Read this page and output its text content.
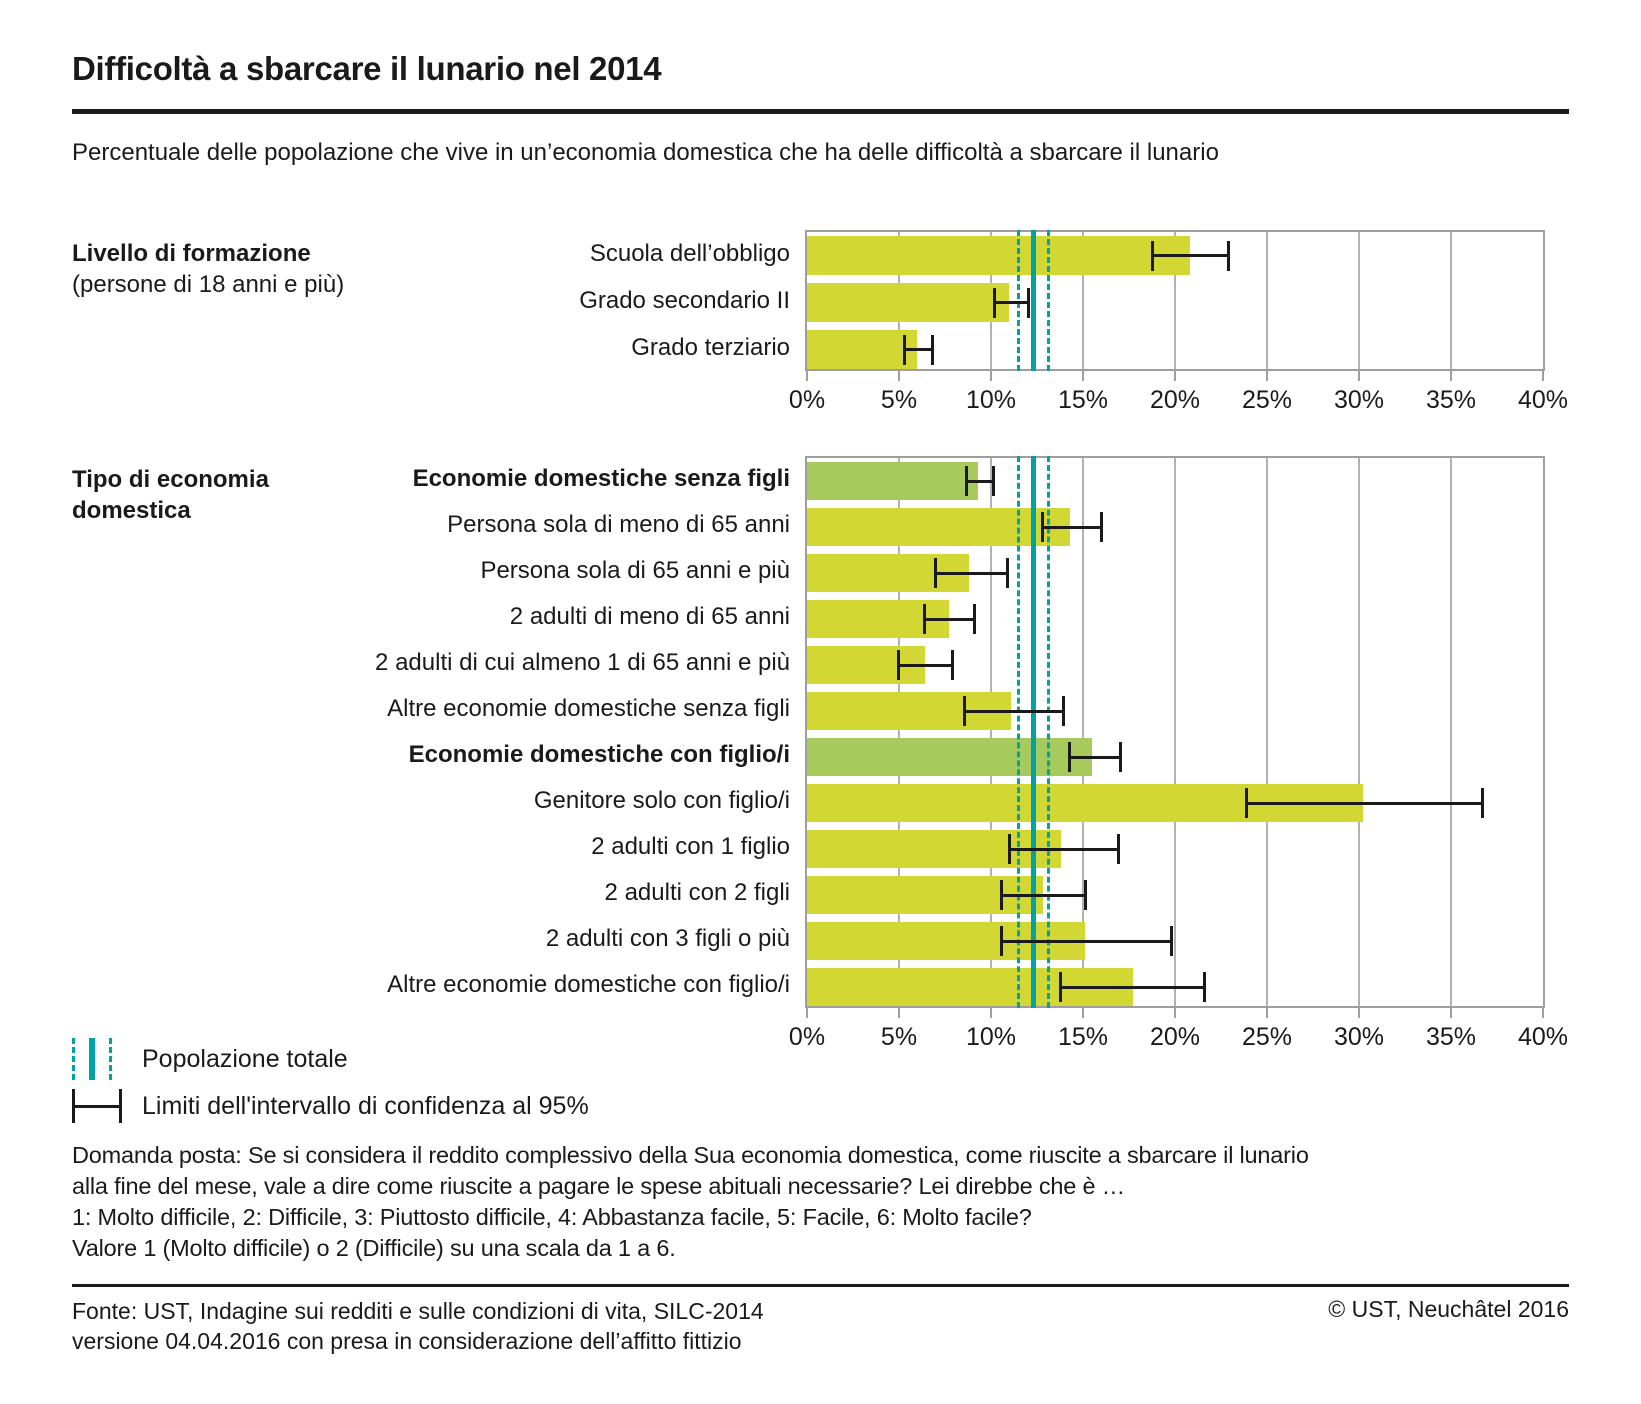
Difficoltà a sbarcare il lunario nel 2014
Percentuale delle popolazione che vive in un’economia domestica che ha delle difficoltà a sbarcare il lunario
Livello di formazione
(persone di 18 anni e più)
Scuola dell’obbligo
Grado secondario II
Grado terziario
0% 5% 10% 15% 20% 25% 30% 35% 40%
Tipo di economia
domestica
Economie domestiche senza figli
Persona sola di meno di 65 anni
Persona sola di 65 anni e più
2 adulti di meno di 65 anni
2 adulti di cui almeno 1 di 65 anni e più
Altre economie domestiche senza figli
Economie domestiche con figlio/i
Genitore solo con figlio/i
2 adulti con 1 figlio
2 adulti con 2 figli
2 adulti con 3 figli o più
Altre economie domestiche con figlio/i
0% 5% 10% 15% 20% 25% 30% 35% 40%
Popolazione totale
Limiti dell'intervallo di confidenza al 95%
Domanda posta: Se si considera il reddito complessivo della Sua economia domestica, come riuscite a sbarcare il lunario
alla fine del mese, vale a dire come riuscite a pagare le spese abituali necessarie? Lei direbbe che è …
1: Molto difficile, 2: Difficile, 3: Piuttosto difficile, 4: Abbastanza facile, 5: Facile, 6: Molto facile?
Valore 1 (Molto difficile) o 2 (Difficile) su una scala da 1 a 6.
Fonte: UST, Indagine sui redditi e sulle condizioni di vita, SILC-2014
versione 04.04.2016 con presa in considerazione dell’affitto fittizio
© UST, Neuchâtel 2016
